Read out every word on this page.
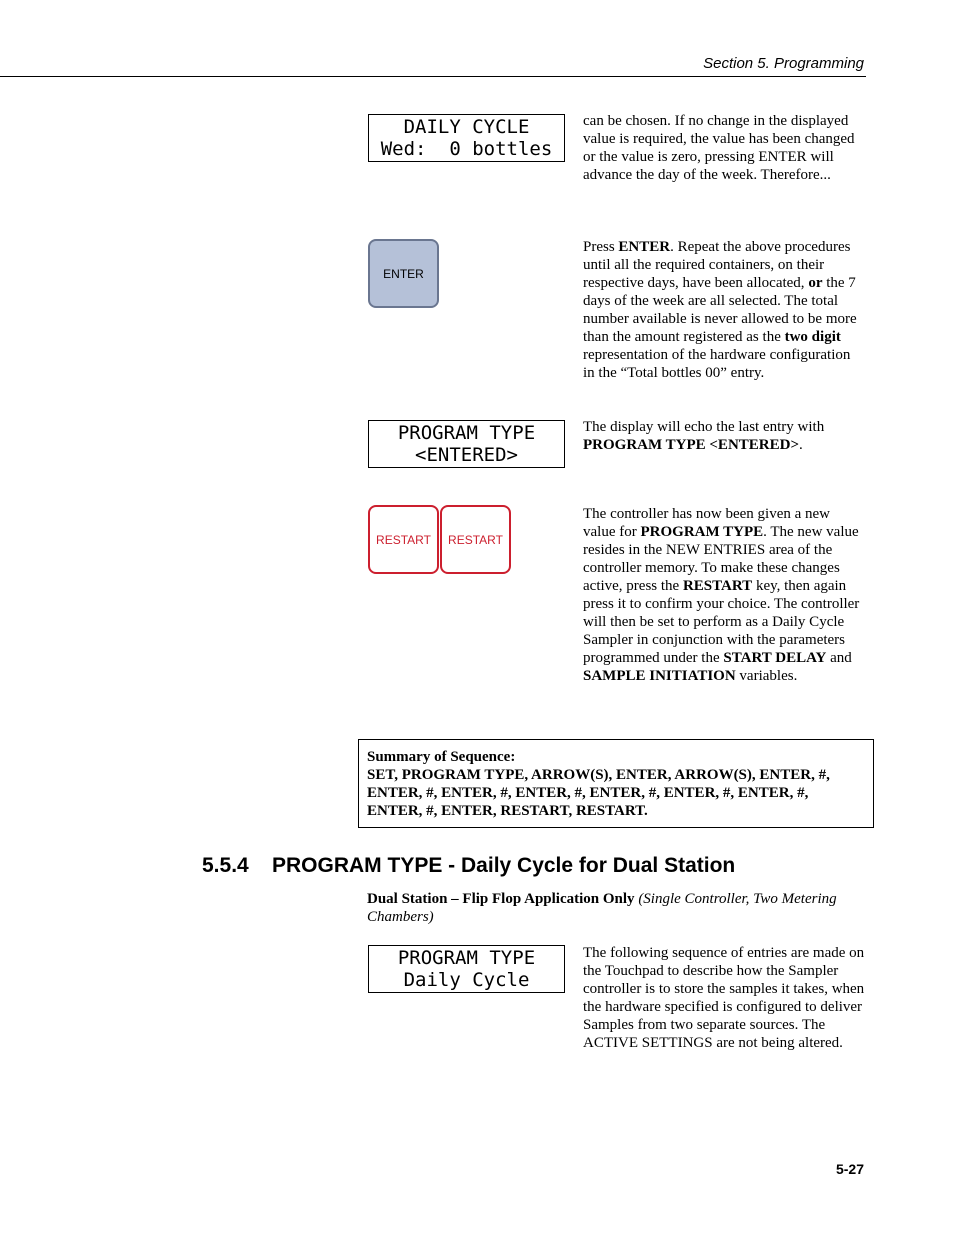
Section 5. Programming
DAILY CYCLE
Wed:  0 bottles
can be chosen. If no change in the displayed value is required, the value has been changed or the value is zero, pressing ENTER will advance the day of the week. Therefore...
ENTER
Press ENTER. Repeat the above procedures until all the required containers, on their respective days, have been allocated, or the 7 days of the week are all selected. The total number available is never allowed to be more than the amount registered as the two digit representation of the hardware configuration in the “Total bottles 00” entry.
PROGRAM TYPE
<ENTERED>
The display will echo the last entry with PROGRAM TYPE <ENTERED>.
RESTART RESTART
The controller has now been given a new value for PROGRAM TYPE. The new value resides in the NEW ENTRIES area of the controller memory. To make these changes active, press the RESTART key, then again press it to confirm your choice. The controller will then be set to perform as a Daily Cycle Sampler in conjunction with the parameters programmed under the START DELAY and SAMPLE INITIATION variables.
Summary of Sequence:
SET, PROGRAM TYPE, ARROW(S), ENTER, ARROW(S), ENTER, #, ENTER, #, ENTER, #, ENTER, #, ENTER, #, ENTER, #, ENTER, #, ENTER, #, ENTER, RESTART, RESTART.
5.5.4 PROGRAM TYPE - Daily Cycle for Dual Station
Dual Station – Flip Flop Application Only (Single Controller, Two Metering Chambers)
PROGRAM TYPE
Daily Cycle
The following sequence of entries are made on the Touchpad to describe how the Sampler controller is to store the samples it takes, when the hardware specified is configured to deliver Samples from two separate sources. The ACTIVE SETTINGS are not being altered.
5-27
